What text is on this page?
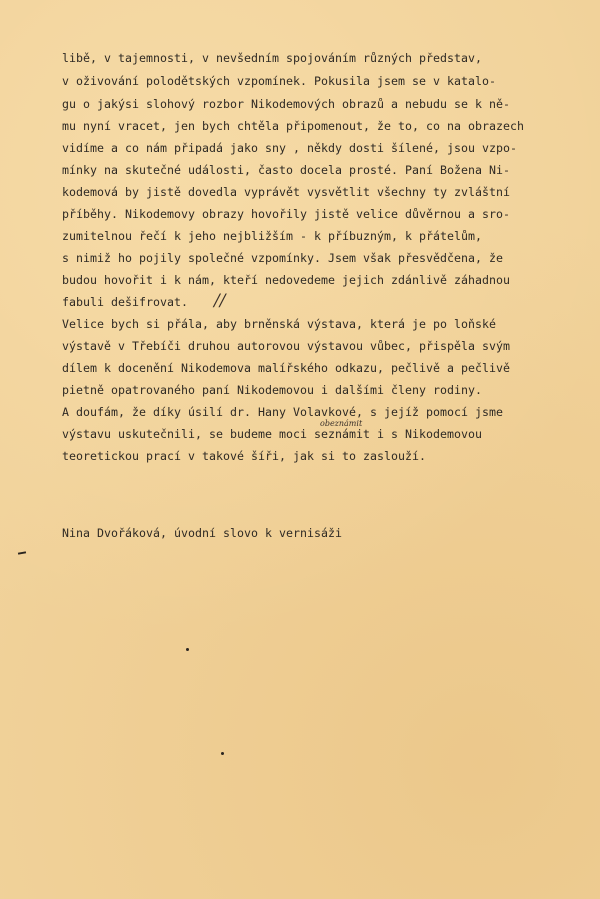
libě, v tajemnosti, v nevšedním spojováním různých představ,
v oživování polodětských vzpomínek. Pokusila jsem se v katalo-
gu o jakýsi slohový rozbor Nikodemových obrazů a nebudu se k ně-
mu nyní vracet, jen bych chtěla připomenout, že to, co na obrazech
vidíme a co nám připadá jako sny , někdy dosti šílené, jsou vzpo-
mínky na skutečné události, často docela prosté. Paní Božena Ni-
kodemová by jistě dovedla vyprávět vysvětlit všechny ty zvláštní
příběhy. Nikodemovy obrazy hovořily jistě velice důvěrnou a sro-
zumitelnou řečí k jeho nejbližším - k příbuzným, k přátelům,
s nimiž ho pojily společné vzpomínky. Jsem však přesvědčena, že
budou hovořit i k nám, kteří nedovedeme jejich zdánlivě záhadnou
fabuli dešifrovat.	//
Velice bych si přála, aby brněnská výstava, která je po loňské
výstavě v Třebíči druhou autorovou výstavou vůbec, přispěla svým
dílem k docenění Nikodemova malířského odkazu, pečlivě a pečlivě
pietně opatrovaného paní Nikodemovou i dalšími členy rodiny.
A doufám, že díky úsilí dr. Hany Volavkové, s jejíž pomocí jsme
obeznámit
výstavu uskutečnili, se budeme moci seznámit i s Nikodemovou
teoretickou prací v takové šíři, jak si to zaslouží.
Nina Dvořáková, úvodní slovo k vernisáži
